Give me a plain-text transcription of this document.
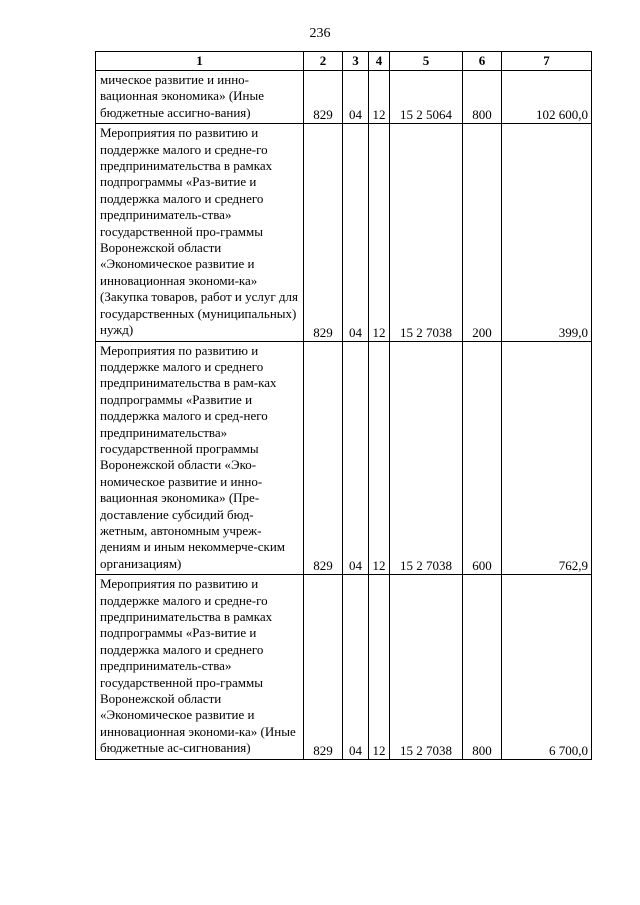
236
1	2	3	4	5	6	7
мическое развитие и инно-вационная экономика» (Иные бюджетные ассигно-вания)	829	04	12	15 2 5064	800	102 600,0
Мероприятия по развитию и поддержке малого и средне-го предпринимательства в рамках подпрограммы «Раз-витие и поддержка малого и среднего предприниматель-ства» государственной про-граммы Воронежской области «Экономическое развитие и инновационная экономи-ка» (Закупка товаров, работ и услуг для государственных (муниципальных) нужд)	829	04	12	15 2 7038	200	399,0
Мероприятия по развитию и поддержке малого и среднего предпринимательства в рам-ках подпрограммы «Развитие и поддержка малого и сред-него предпринимательства» государственной программы Воронежской области «Эко-номическое развитие и инно-вационная экономика» (Пре-доставление субсидий бюд-жетным, автономным учреж-дениям и иным некоммерче-ским организациям)	829	04	12	15 2 7038	600	762,9
Мероприятия по развитию и поддержке малого и средне-го предпринимательства в рамках подпрограммы «Раз-витие и поддержка малого и среднего предприниматель-ства» государственной про-граммы Воронежской области «Экономическое развитие и инновационная экономи-ка» (Иные бюджетные ас-сигнования)	829	04	12	15 2 7038	800	6 700,0
